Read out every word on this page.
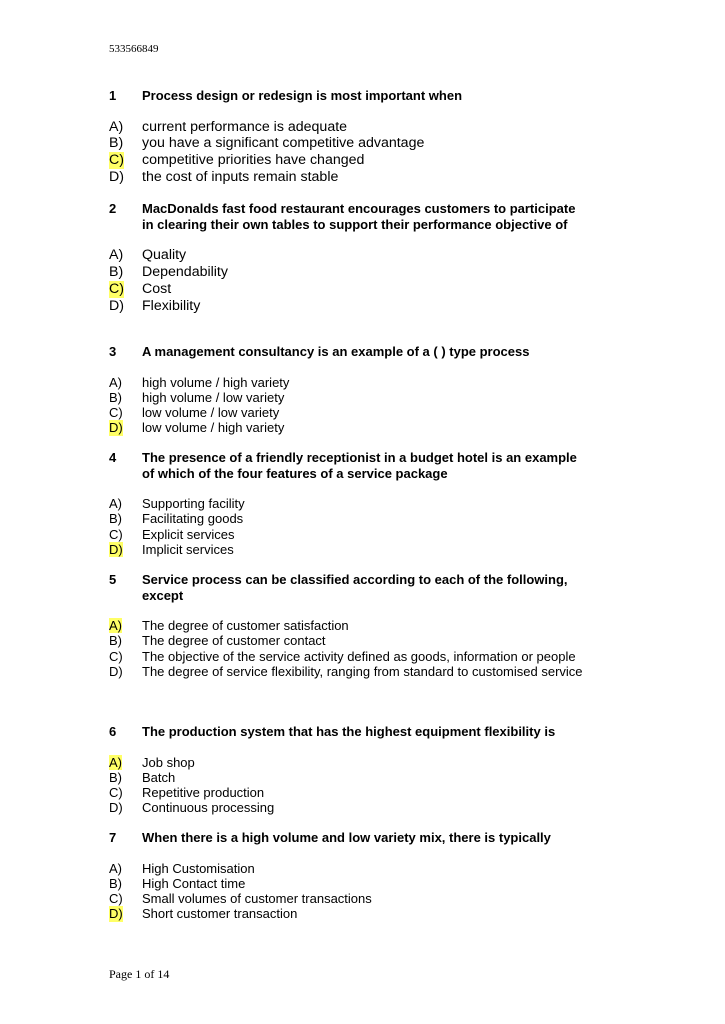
533566849
1 Process design or redesign is most important when
A) current performance is adequate
B) you have a significant competitive advantage
C) competitive priorities have changed
D) the cost of inputs remain stable
2 MacDonalds fast food restaurant encourages customers to participate in clearing their own tables to support their performance objective of
A) Quality
B) Dependability
C) Cost
D) Flexibility
3 A management consultancy is an example of a ( ) type process
A) high volume / high variety
B) high volume / low variety
C) low volume / low variety
D) low volume / high variety
4 The presence of a friendly receptionist in a budget hotel is an example of which of the four features of a service package
A) Supporting facility
B) Facilitating goods
C) Explicit services
D) Implicit services
5 Service process can be classified according to each of the following, except
A) The degree of customer satisfaction
B) The degree of customer contact
C) The objective of the service activity defined as goods, information or people
D) The degree of service flexibility, ranging from standard to customised service
6 The production system that has the highest equipment flexibility is
A) Job shop
B) Batch
C) Repetitive production
D) Continuous processing
7 When there is a high volume and low variety mix, there is typically
A) High Customisation
B) High Contact time
C) Small volumes of customer transactions
D) Short customer transaction
Page 1 of 14
